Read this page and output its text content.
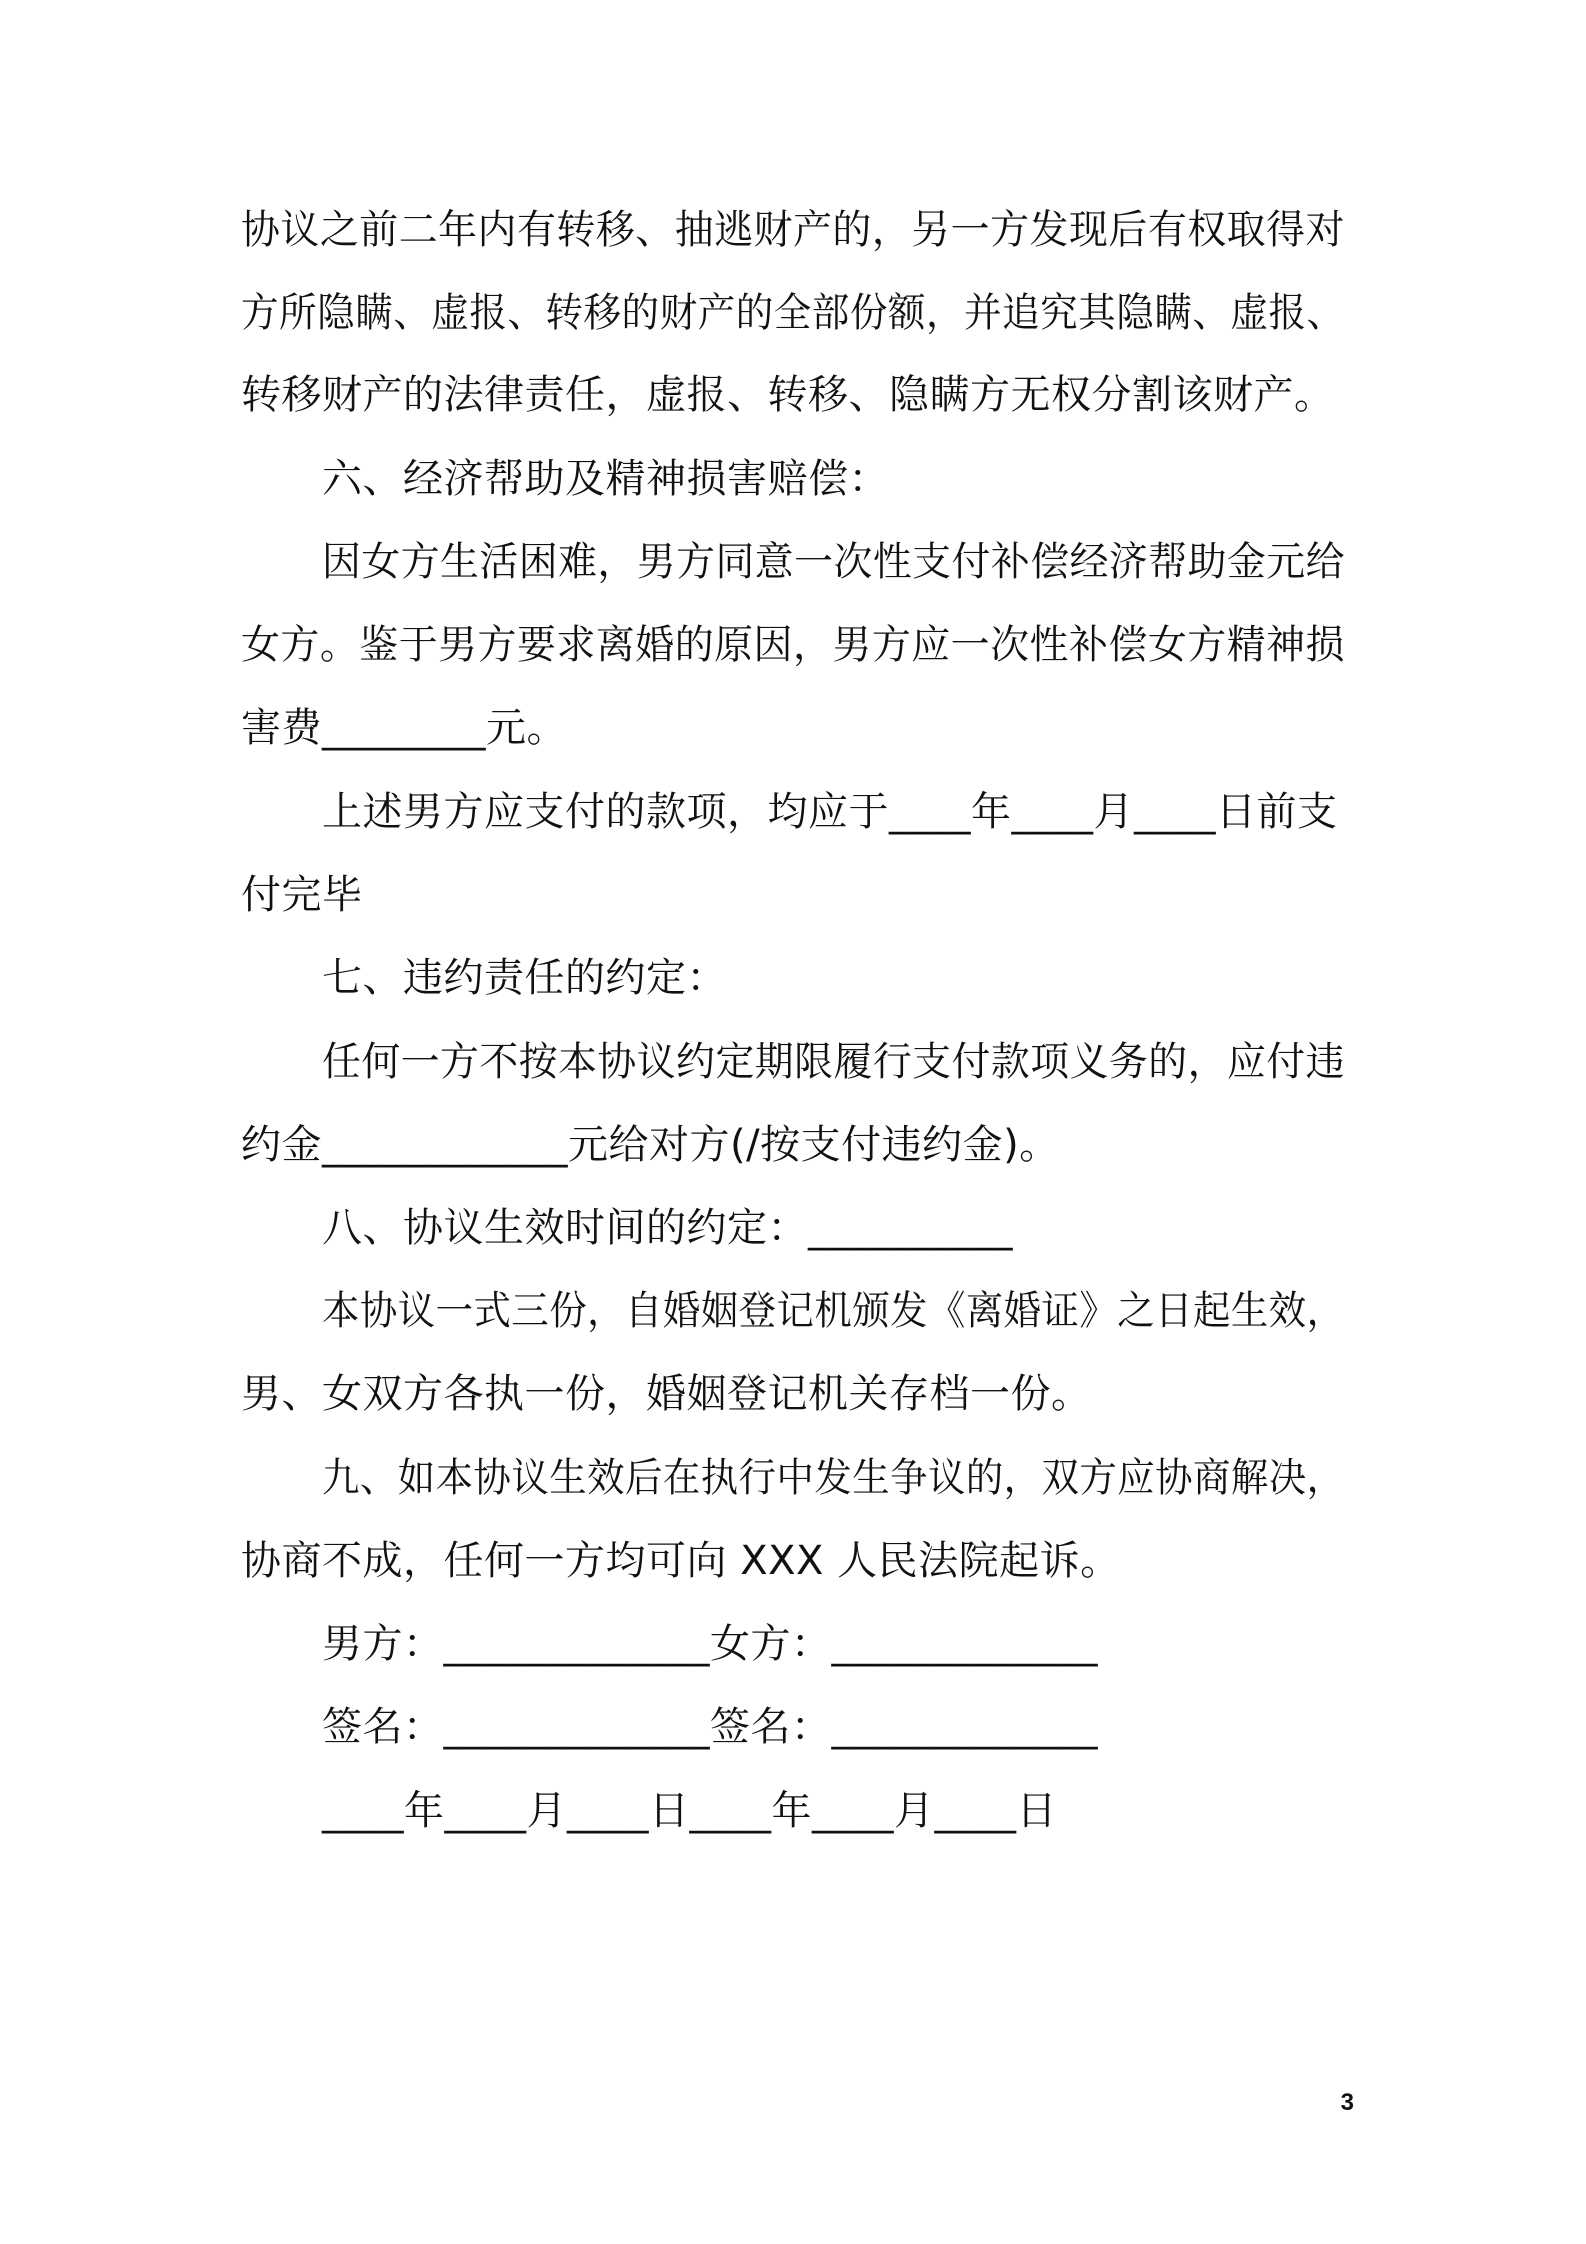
协议之前二年内有转移、抽逃财产的，另一方发现后有权取得对
方所隐瞒、虚报、转移的财产的全部份额，并追究其隐瞒、虚报、
转移财产的法律责任，虚报、转移、隐瞒方无权分割该财产。
六、经济帮助及精神损害赔偿：
因女方生活困难，男方同意一次性支付补偿经济帮助金元给
女方。鉴于男方要求离婚的原因，男方应一次性补偿女方精神损
害费________元。
上述男方应支付的款项，均应于____年____月____日前支
付完毕
七、违约责任的约定：
任何一方不按本协议约定期限履行支付款项义务的，应付违
约金____________元给对方(/按支付违约金)。
八、协议生效时间的约定：__________
本协议一式三份，自婚姻登记机颁发《离婚证》之日起生效，
男、女双方各执一份，婚姻登记机关存档一份。
九、如本协议生效后在执行中发生争议的，双方应协商解决，
协商不成，任何一方均可向 XXX 人民法院起诉。
男方：_____________女方：_____________
签名：_____________签名：_____________
____年____月____日____年____月____日
3
